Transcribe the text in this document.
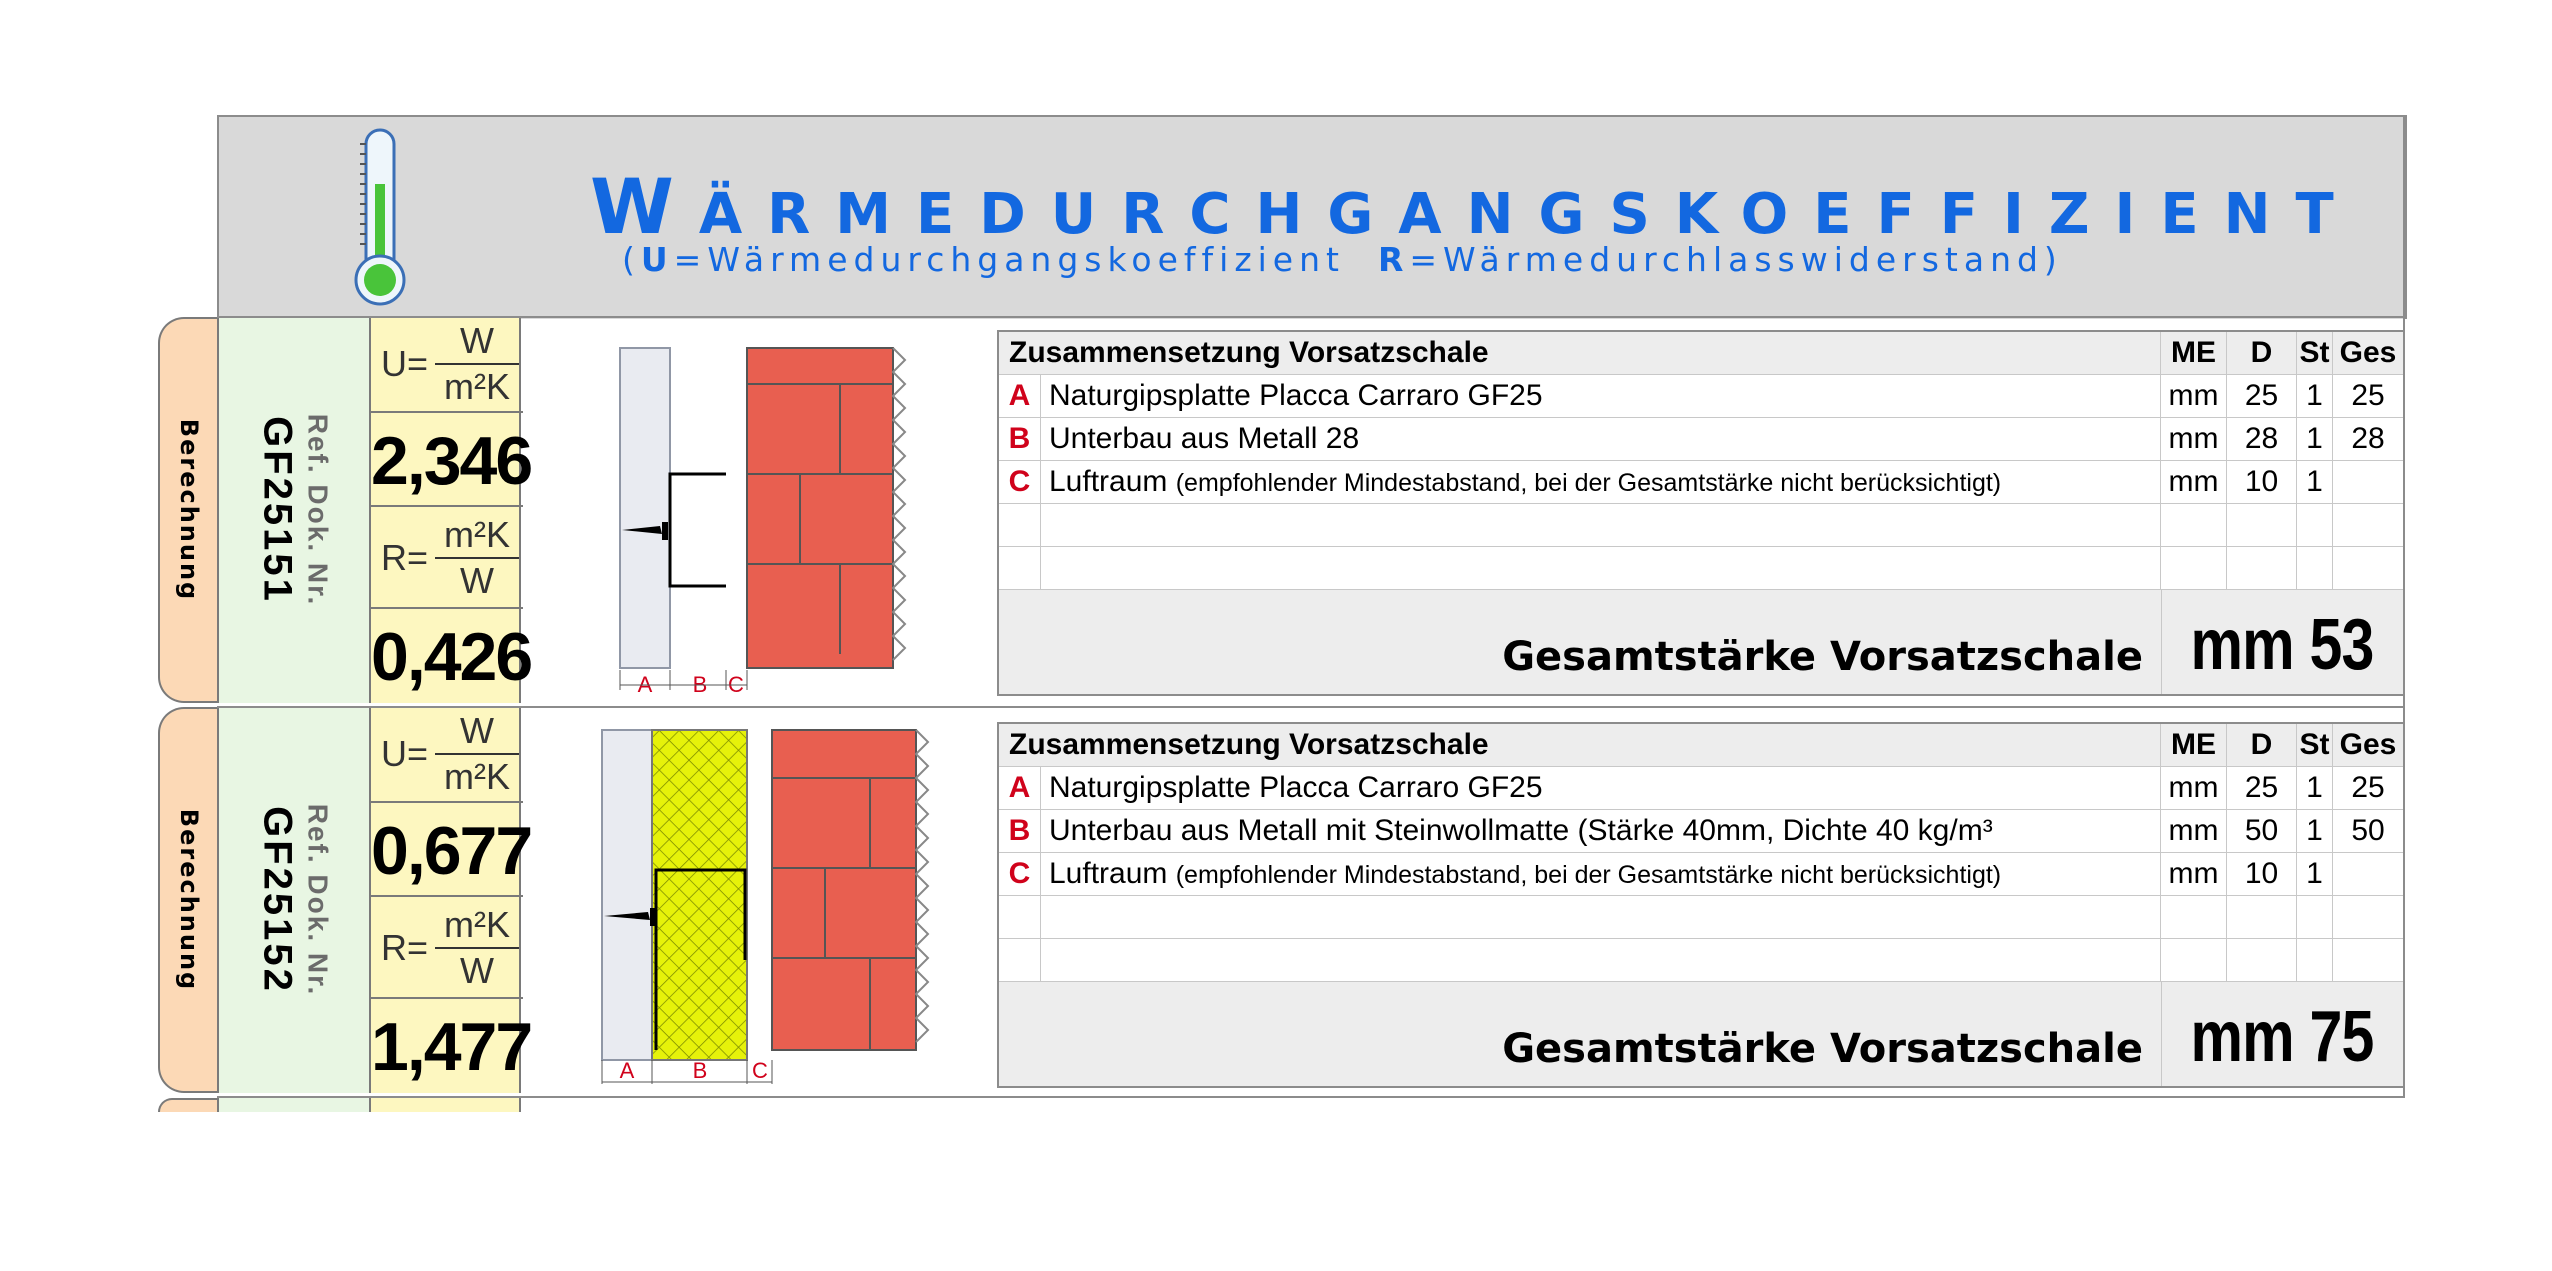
WÄRMEDURCHGANGSKOEFFIZIENT
(U=Wärmedurchgangskoeffizient R=Wärmedurchlasswiderstand)
Berechnung	Ref. Dok. Nr.
GF25151
$U= \frac{W}{\text{m²K}}$
2,346
$R= \frac{\text{m²K}}{W}$
0,426	A B C
Zusammensetzung Vorsatzschale	ME	D St Ges
A Naturgipsplatte Placca Carraro GF25	mm 25 1 25
B Unterbau aus Metall 28	mm 28 1 28
C Luftraum (empfohlender Mindestabstand, bei der Gesamtstärke nicht berücksichtigt)	mm 10 1
Gesamtstärke Vorsatzschale mm 53
Berechnung	Ref. Dok. Nr.
GF25152
$U= \frac{W}{\text{m²K}}$
0,677
$R= \frac{\text{m²K}}{W}$
1,477	A	B C
Zusammensetzung Vorsatzschale	ME	D St Ges
A Naturgipsplatte Placca Carraro GF25	mm 25 1 25
B Unterbau aus Metall mit Steinwollmatte (Stärke 40mm, Dichte 40 kg/m³	mm 50 1 50
C Luftraum (empfohlender Mindestabstand, bei der Gesamtstärke nicht berücksichtigt)	mm 10 1
Gesamtstärke Vorsatzschale mm 75
